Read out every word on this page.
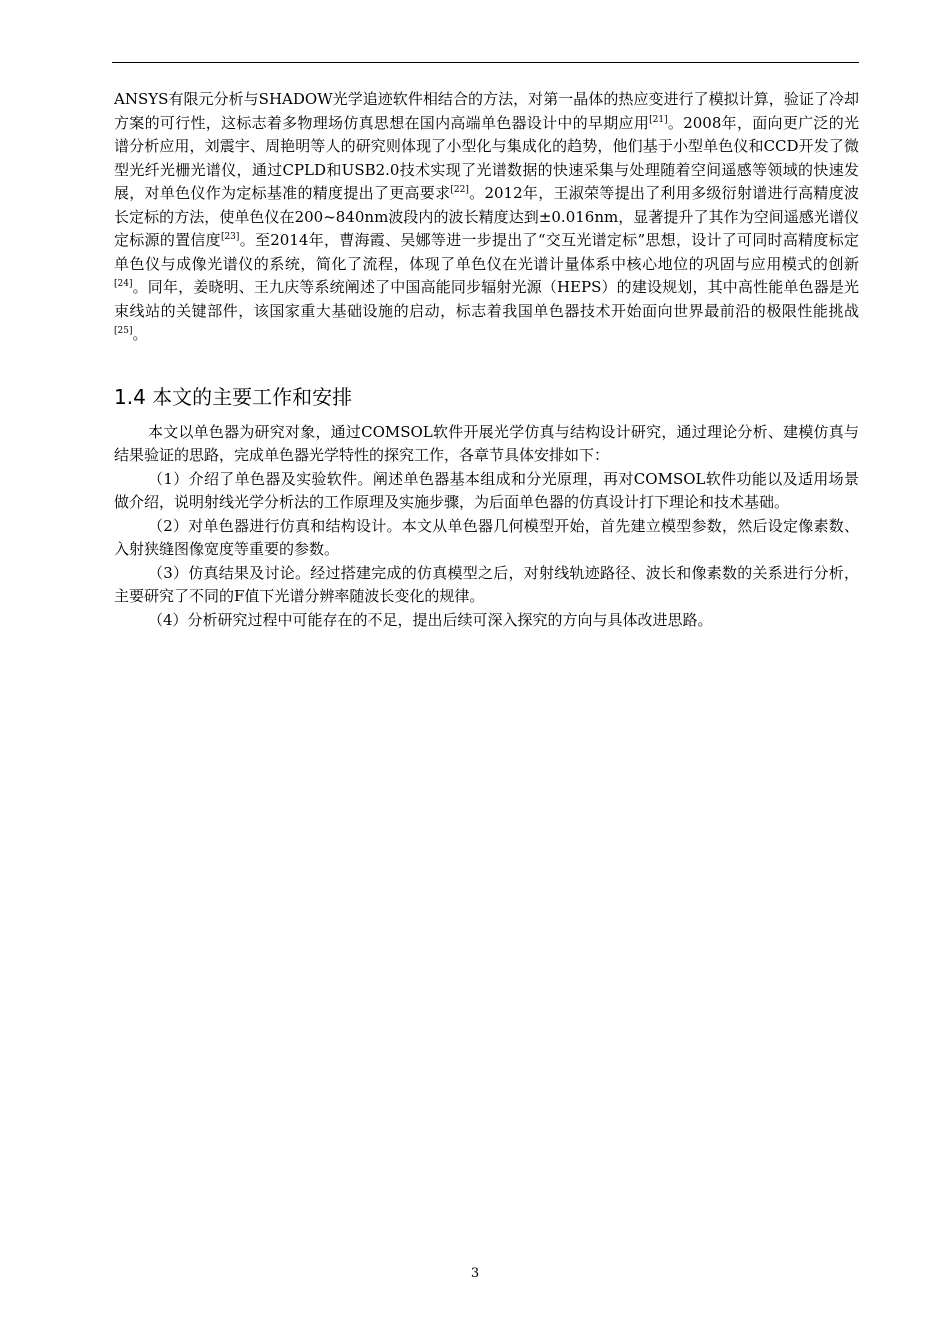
ANSYS有限元分析与SHADOW光学追迹软件相结合的方法，对第一晶体的热应变进行了模拟计算，验证了冷却方案的可行性，这标志着多物理场仿真思想在国内高端单色器设计中的早期应用[21]。2008年，面向更广泛的光谱分析应用，刘震宇、周艳明等人的研究则体现了小型化与集成化的趋势，他们基于小型单色仪和CCD开发了微型光纤光栅光谱仪，通过CPLD和USB2.0技术实现了光谱数据的快速采集与处理随着空间遥感等领域的快速发展，对单色仪作为定标基准的精度提出了更高要求[22]。2012年，王淑荣等提出了利用多级衍射谱进行高精度波长定标的方法，使单色仪在200~840nm波段内的波长精度达到±0.016nm，显著提升了其作为空间遥感光谱仪定标源的置信度[23]。至2014年，曹海霞、吴娜等进一步提出了“交互光谱定标”思想，设计了可同时高精度标定单色仪与成像光谱仪的系统，简化了流程，体现了单色仪在光谱计量体系中核心地位的巩固与应用模式的创新[24]。同年，姜晓明、王九庆等系统阐述了中国高能同步辐射光源（HEPS）的建设规划，其中高性能单色器是光束线站的关键部件，该国家重大基础设施的启动，标志着我国单色器技术开始面向世界最前沿的极限性能挑战[25]。

1.4 本文的主要工作和安排

本文以单色器为研究对象，通过COMSOL软件开展光学仿真与结构设计研究，通过理论分析、建模仿真与结果验证的思路，完成单色器光学特性的探究工作，各章节具体安排如下：

（1）介绍了单色器及实验软件。阐述单色器基本组成和分光原理，再对COMSOL软件功能以及适用场景做介绍，说明射线光学分析法的工作原理及实施步骤，为后面单色器的仿真设计打下理论和技术基础。

（2）对单色器进行仿真和结构设计。本文从单色器几何模型开始，首先建立模型参数，然后设定像素数、入射狭缝图像宽度等重要的参数。

（3）仿真结果及讨论。经过搭建完成的仿真模型之后，对射线轨迹路径、波长和像素数的关系进行分析，主要研究了不同的F值下光谱分辨率随波长变化的规律。

（4）分析研究过程中可能存在的不足，提出后续可深入探究的方向与具体改进思路。

3
